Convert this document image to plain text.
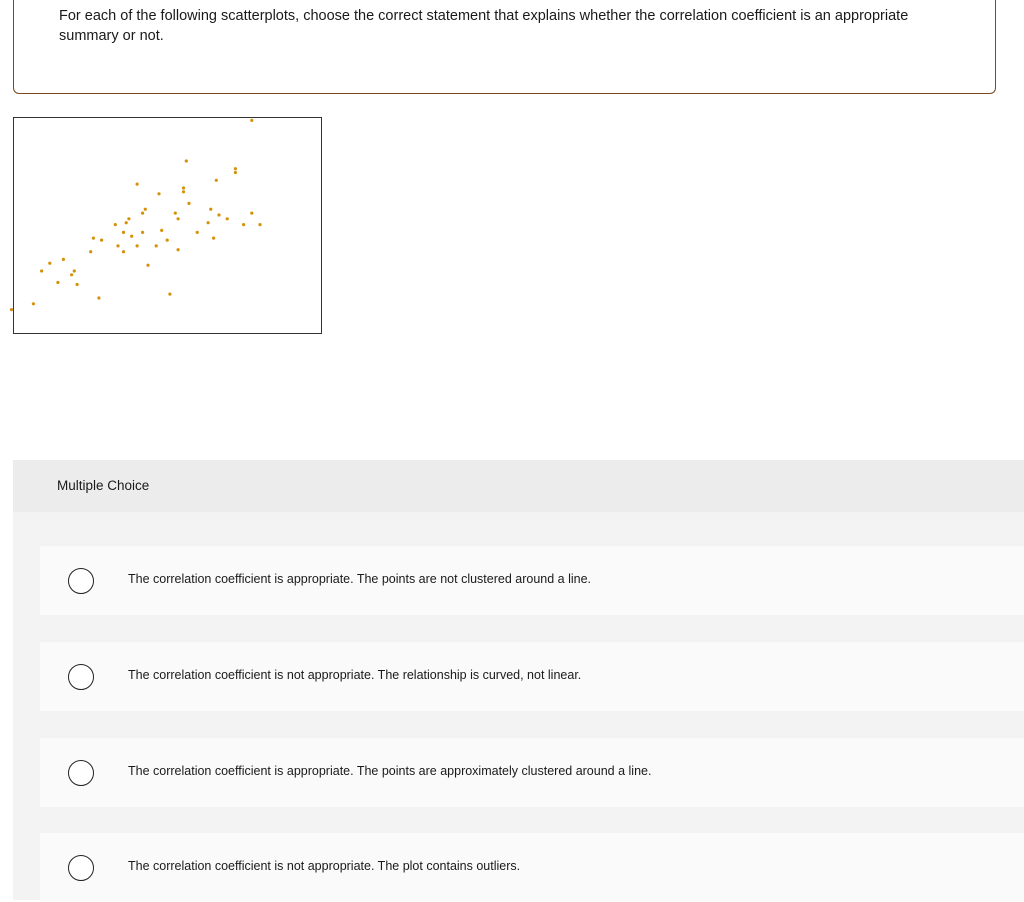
For each of the following scatterplots, choose the correct statement that explains whether the correlation coefficient is an appropriate summary or not.
Multiple Choice
The correlation coefficient is appropriate. The points are not clustered around a line.
The correlation coefficient is not appropriate. The relationship is curved, not linear.
The correlation coefficient is appropriate. The points are approximately clustered around a line.
The correlation coefficient is not appropriate. The plot contains outliers.
